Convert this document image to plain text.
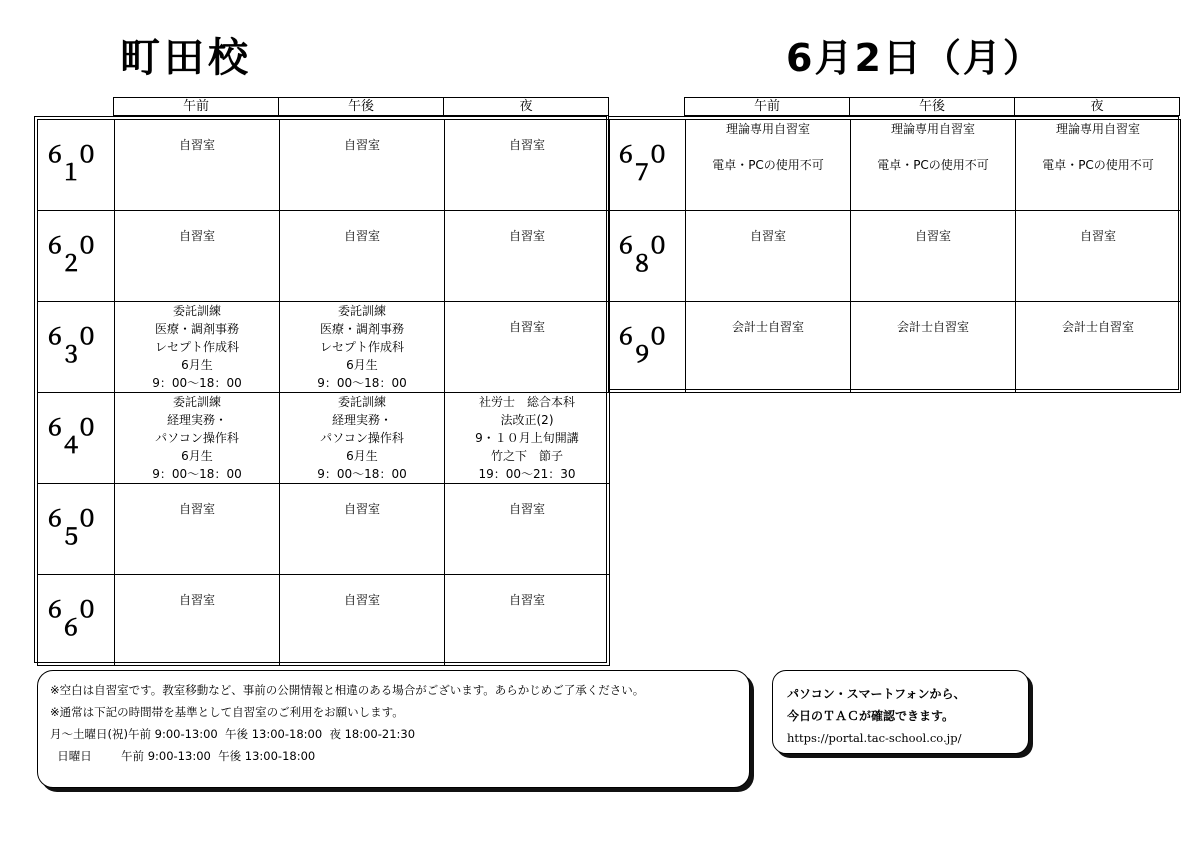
町田校	6月2日（月）
午前	午後	夜	午前	午後	夜
６０１	自習室	自習室	自習室

６０２	自習室	自習室	自習室

６０３	委託訓練
医療・調剤事務
レセプト作成科
6月生
9：00～18：00	委託訓練
医療・調剤事務
レセプト作成科
6月生
9：00～18：00	自習室

６０４	委託訓練
経理実務・
パソコン操作科
6月生
9：00～18：00	委託訓練
経理実務・
パソコン操作科
6月生
9：00～18：00	社労士　総合本科
法改正(2)
9・１０月上旬開講
竹之下　節子
19：00～21：30

６０５	自習室	自習室	自習室

６０６	自習室	自習室	自習室
６０７	理論専用自習室
電卓・PCの使用不可	理論専用自習室
電卓・PCの使用不可	理論専用自習室
電卓・PCの使用不可

６０８	自習室	自習室	自習室

６０９	会計士自習室	会計士自習室	会計士自習室
※空白は自習室です。教室移動など、事前の公開情報と相違のある場合がございます。あらかじめご了承ください。
※通常は下記の時間帯を基準として自習室のご利用をお願いします。
月～土曜日(祝)午前 9:00-13:00  午後 13:00-18:00  夜 18:00-21:30
日曜日        午前 9:00-13:00  午後 13:00-18:00
パソコン・スマートフォンから、
今日のＴＡＣが確認できます。
https://portal.tac-school.co.jp/
